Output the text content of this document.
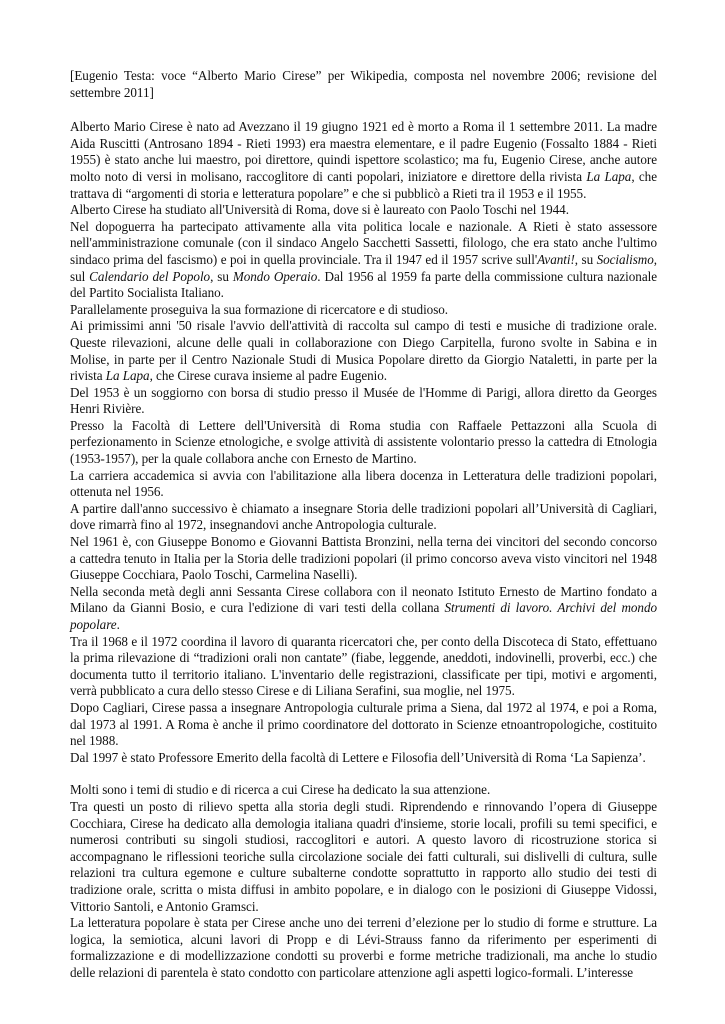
[Eugenio Testa: voce “Alberto Mario Cirese” per Wikipedia, composta nel novembre 2006; revisione del settembre 2011]

Alberto Mario Cirese è nato ad Avezzano il 19 giugno 1921 ed è morto a Roma il 1 settembre 2011. La madre Aida Ruscitti (Antrosano 1894 - Rieti 1993) era maestra elementare, e il padre Eugenio (Fossalto 1884 - Rieti 1955) è stato anche lui maestro, poi direttore, quindi ispettore scolastico; ma fu, Eugenio Cirese, anche autore molto noto di versi in molisano, raccoglitore di canti popolari, iniziatore e direttore della rivista La Lapa, che trattava di “argomenti di storia e letteratura popolare” e che si pubblicò a Rieti tra il 1953 e il 1955.

Alberto Cirese ha studiato all'Università di Roma, dove si è laureato con Paolo Toschi nel 1944.

Nel dopoguerra ha partecipato attivamente alla vita politica locale e nazionale. A Rieti è stato assessore nell'amministrazione comunale (con il sindaco Angelo Sacchetti Sassetti, filologo, che era stato anche l'ultimo sindaco prima del fascismo) e poi in quella provinciale. Tra il 1947 ed il 1957 scrive sull'Avanti!, su Socialismo, sul Calendario del Popolo, su Mondo Operaio. Dal 1956 al 1959 fa parte della commissione cultura nazionale del Partito Socialista Italiano.

Parallelamente proseguiva la sua formazione di ricercatore e di studioso.

Ai primissimi anni '50 risale l'avvio dell'attività di raccolta sul campo di testi e musiche di tradizione orale. Queste rilevazioni, alcune delle quali in collaborazione con Diego Carpitella, furono svolte in Sabina e in Molise, in parte per il Centro Nazionale Studi di Musica Popolare diretto da Giorgio Nataletti, in parte per la rivista La Lapa, che Cirese curava insieme al padre Eugenio.

Del 1953 è un soggiorno con borsa di studio presso il Musée de l'Homme di Parigi, allora diretto da Georges Henri Rivière.

Presso la Facoltà di Lettere dell'Università di Roma studia con Raffaele Pettazzoni alla Scuola di perfezionamento in Scienze etnologiche, e svolge attività di assistente volontario presso la cattedra di Etnologia (1953-1957), per la quale collabora anche con Ernesto de Martino.

La carriera accademica si avvia con l'abilitazione alla libera docenza in Letteratura delle tradizioni popolari, ottenuta nel 1956.

A partire dall'anno successivo è chiamato a insegnare Storia delle tradizioni popolari all’Università di Cagliari, dove rimarrà fino al 1972, insegnandovi anche Antropologia culturale.

Nel 1961 è, con Giuseppe Bonomo e Giovanni Battista Bronzini, nella terna dei vincitori del secondo concorso a cattedra tenuto in Italia per la Storia delle tradizioni popolari (il primo concorso aveva visto vincitori nel 1948 Giuseppe Cocchiara, Paolo Toschi, Carmelina Naselli).

Nella seconda metà degli anni Sessanta Cirese collabora con il neonato Istituto Ernesto de Martino fondato a Milano da Gianni Bosio, e cura l'edizione di vari testi della collana Strumenti di lavoro. Archivi del mondo popolare.

Tra il 1968 e il 1972 coordina il lavoro di quaranta ricercatori che, per conto della Discoteca di Stato, effettuano la prima rilevazione di “tradizioni orali non cantate” (fiabe, leggende, aneddoti, indovinelli, proverbi, ecc.) che documenta tutto il territorio italiano. L'inventario delle registrazioni, classificate per tipi, motivi e argomenti, verrà pubblicato a cura dello stesso Cirese e di Liliana Serafini, sua moglie, nel 1975.

Dopo Cagliari, Cirese passa a insegnare Antropologia culturale prima a Siena, dal 1972 al 1974, e poi a Roma, dal 1973 al 1991. A Roma è anche il primo coordinatore del dottorato in Scienze etnoantropologiche, costituito nel 1988.

Dal 1997 è stato Professore Emerito della facoltà di Lettere e Filosofia dell’Università di Roma ‘La Sapienza’.

Molti sono i temi di studio e di ricerca a cui Cirese ha dedicato la sua attenzione.

Tra questi un posto di rilievo spetta alla storia degli studi. Riprendendo e rinnovando l’opera di Giuseppe Cocchiara, Cirese ha dedicato alla demologia italiana quadri d'insieme, storie locali, profili su temi specifici, e numerosi contributi su singoli studiosi, raccoglitori e autori. A questo lavoro di ricostruzione storica si accompagnano le riflessioni teoriche sulla circolazione sociale dei fatti culturali, sui dislivelli di cultura, sulle relazioni tra cultura egemone e culture subalterne condotte soprattutto in rapporto allo studio dei testi di tradizione orale, scritta o mista diffusi in ambito popolare, e in dialogo con le posizioni di Giuseppe Vidossi, Vittorio Santoli, e Antonio Gramsci.

La letteratura popolare è stata per Cirese anche uno dei terreni d’elezione per lo studio di forme e strutture. La logica, la semiotica, alcuni lavori di Propp e di Lévi-Strauss fanno da riferimento per esperimenti di formalizzazione e di modellizzazione condotti su proverbi e forme metriche tradizionali, ma anche lo studio delle relazioni di parentela è stato condotto con particolare attenzione agli aspetti logico-formali. L’interesse
